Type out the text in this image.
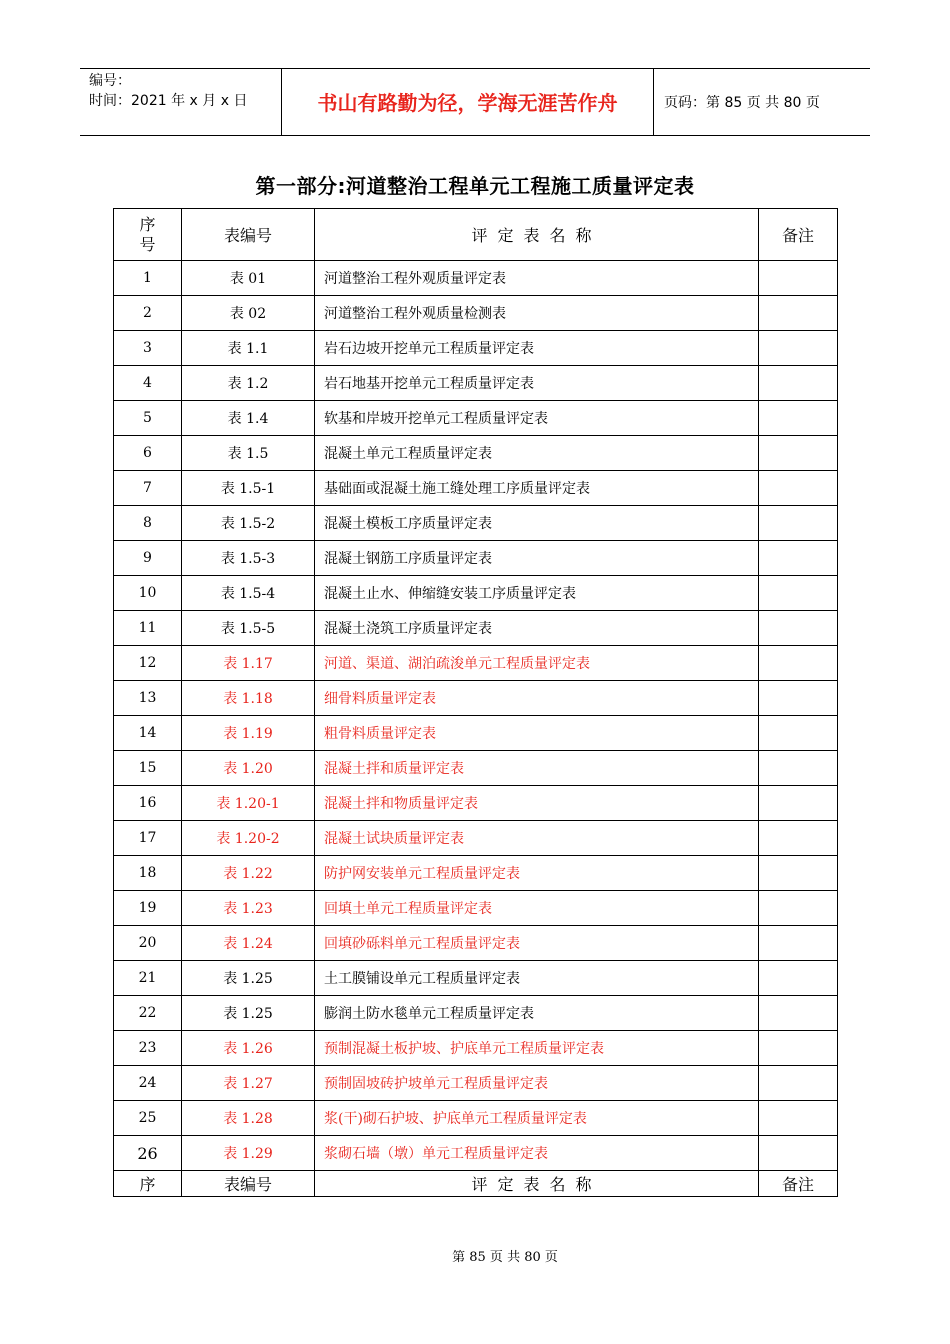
编号：
时间：2021 年 x 月 x 日	书山有路勤为径，学海无涯苦作舟	页码：第 85 页 共 80 页
第一部分:河道整治工程单元工程施工质量评定表
序
号	表编号	评定表名称	备注
1	表 01	河道整治工程外观质量评定表	
2	表 02	河道整治工程外观质量检测表	
3	表 1.1	岩石边坡开挖单元工程质量评定表	
4	表 1.2	岩石地基开挖单元工程质量评定表	
5	表 1.4	软基和岸坡开挖单元工程质量评定表	
6	表 1.5	混凝土单元工程质量评定表	
7	表 1.5-1	基础面或混凝土施工缝处理工序质量评定表	
8	表 1.5-2	混凝土模板工序质量评定表	
9	表 1.5-3	混凝土钢筋工序质量评定表	
10	表 1.5-4	混凝土止水、伸缩缝安装工序质量评定表	
11	表 1.5-5	混凝土浇筑工序质量评定表	
12	表 1.17	河道、渠道、湖泊疏浚单元工程质量评定表	
13	表 1.18	细骨料质量评定表	
14	表 1.19	粗骨料质量评定表	
15	表 1.20	混凝土拌和质量评定表	
16	表 1.20-1	混凝土拌和物质量评定表	
17	表 1.20-2	混凝土试块质量评定表	
18	表 1.22	防护网安装单元工程质量评定表	
19	表 1.23	回填土单元工程质量评定表	
20	表 1.24	回填砂砾料单元工程质量评定表	
21	表 1.25	土工膜铺设单元工程质量评定表	
22	表 1.25	膨润土防水毯单元工程质量评定表	
23	表 1.26	预制混凝土板护坡、护底单元工程质量评定表	
24	表 1.27	预制固坡砖护坡单元工程质量评定表	
25	表 1.28	浆(干)砌石护坡、护底单元工程质量评定表	
26	表 1.29	浆砌石墙（墩）单元工程质量评定表	
序	表编号	评定表名称	备注
第 85 页 共 80 页
